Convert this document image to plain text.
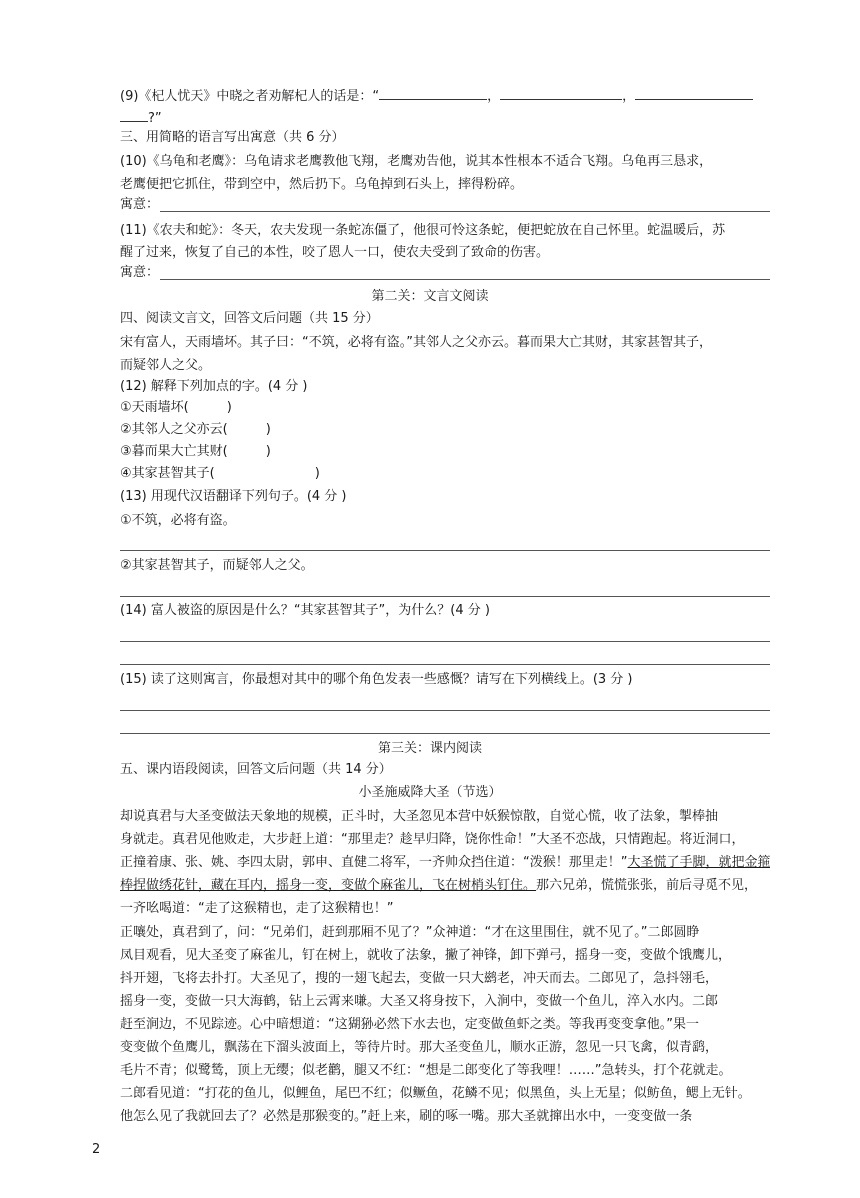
(9)《杞人忧天》中晓之者劝解杞人的话是：“	，	，
?”
三、用简略的语言写出寓意（共 6 分）
(10)《乌龟和老鹰》：乌龟请求老鹰教他飞翔，老鹰劝告他，说其本性根本不适合飞翔。乌龟再三恳求，
老鹰便把它抓住，带到空中，然后扔下。乌龟掉到石头上，摔得粉碎。
寓意：
(11)《农夫和蛇》：冬天，农夫发现一条蛇冻僵了，他很可怜这条蛇，便把蛇放在自己怀里。蛇温暖后，苏
醒了过来，恢复了自己的本性，咬了恩人一口，使农夫受到了致命的伤害。
寓意：
第二关：文言文阅读
四、阅读文言文，回答文后问题（共 15 分）
宋有富人，天雨墙坏。其子曰：“不筑，必将有盗。”其邻人之父亦云。暮而果大亡其财，其家甚智其子，
而疑邻人之父。
(12) 解释下列加点的字。(4 分 )
①天雨墙坏(	)
②其邻人之父亦云(	)
③暮而果大亡其财(	)
④其家甚智其子(	)
(13) 用现代汉语翻译下列句子。(4 分 )
①不筑，必将有盗。
②其家甚智其子，而疑邻人之父。
(14) 富人被盗的原因是什么？“其家甚智其子”，为什么？(4 分 )
(15) 读了这则寓言，你最想对其中的哪个角色发表一些感慨？请写在下列横线上。(3 分 )
第三关：课内阅读
五、课内语段阅读，回答文后问题（共 14 分）
小圣施威降大圣（节选）
却说真君与大圣变做法天象地的规模，正斗时，大圣忽见本营中妖猴惊散，自觉心慌，收了法象，掣棒抽
身就走。真君见他败走，大步赶上道：“那里走？趁早归降，饶你性命！”大圣不恋战，只情跑起。将近洞口，
正撞着康、张、姚、李四太尉，郭申、直健二将军，一齐帅众挡住道：“泼猴！那里走！”大圣慌了手脚，就把金箍
棒捏做绣花针，藏在耳内，摇身一变，变做个麻雀儿，飞在树梢头钉住。那六兄弟，慌慌张张，前后寻觅不见，
一齐吆喝道：“走了这猴精也，走了这猴精也！”
正嚷处，真君到了，问：“兄弟们，赶到那厢不见了？”众神道：“才在这里围住，就不见了。”二郎圆睁
凤目观看，见大圣变了麻雀儿，钉在树上，就收了法象，撇了神锋，卸下弹弓，摇身一变，变做个饿鹰儿，
抖开翅，飞将去扑打。大圣见了，搜的一翅飞起去，变做一只大鹚老，冲天而去。二郎见了，急抖翎毛，
摇身一变，变做一只大海鹤，钻上云霄来嗛。大圣又将身按下，入涧中，变做一个鱼儿，淬入水内。二郎
赶至涧边，不见踪迹。心中暗想道：“这猢狲必然下水去也，定变做鱼虾之类。等我再变变拿他。”果一
变变做个鱼鹰儿，飘荡在下溜头波面上，等待片时。那大圣变鱼儿，顺水正游，忽见一只飞禽，似青鹞，
毛片不青；似鹭鸶，顶上无缨；似老鹳，腿又不红：“想是二郎变化了等我哩！……”急转头，打个花就走。
二郎看见道：“打花的鱼儿，似鲤鱼，尾巴不红；似鳜鱼，花鳞不见；似黑鱼，头上无星；似鲂鱼，鳃上无针。
他怎么见了我就回去了？必然是那猴变的。”赶上来，刷的啄一嘴。那大圣就撺出水中，一变变做一条
2
